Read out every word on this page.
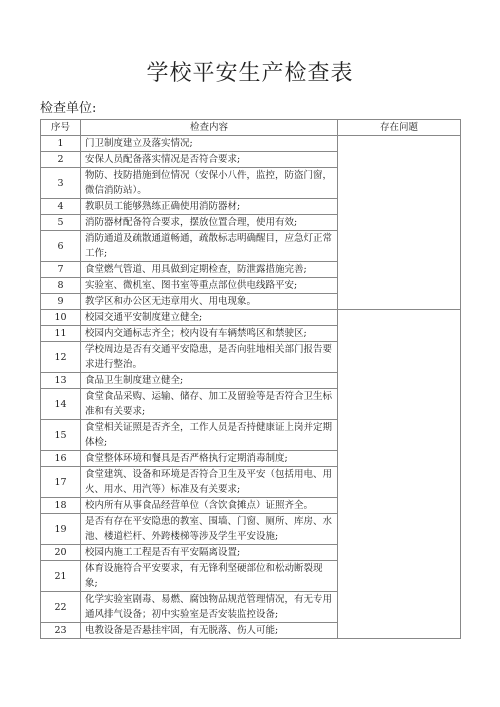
学校平安生产检查表
检查单位:
序号	检查内容	存在问题
1	门卫制度建立及落实情况;	
2	安保人员配备落实情况是否符合要求;	
3	物防、技防措施到位情况（安保小八件，监控，防盗门窗，微信消防站）。	
4	教职员工能够熟练正确使用消防器材;	
5	消防器材配备符合要求，摆放位置合理，使用有效;	
6	消防通道及疏散通道畅通，疏散标志明确醒目，应急灯正常工作;	
7	食堂燃气管道、用具做到定期检查，防泄露措施完善;	
8	实验室、微机室、图书室等重点部位供电线路平安;	
9	教学区和办公区无违章用火、用电现象。	
10	校园交通平安制度建立健全;	
11	校园内交通标志齐全；校内设有车辆禁鸣区和禁驶区;	
12	学校周边是否有交通平安隐患，是否向驻地相关部门报告要求进行整治。	
13	食品卫生制度建立健全;	
14	食堂食品采购、运输、储存、加工及留验等是否符合卫生标准和有关要求;	
15	食堂相关证照是否齐全，工作人员是否持健康证上岗并定期体检;	
16	食堂整体环境和餐具是否严格执行定期消毒制度;	
17	食堂建筑、设备和环境是否符合卫生及平安（包括用电、用火、用水、用汽等）标准及有关要求;	
18	校内所有从事食品经营单位（含饮食摊点）证照齐全。	
19	是否有存在平安隐患的教室、围墙、门窗、厕所、库房、水池、楼道栏杆、外跨楼梯等涉及学生平安设施;	
20	校园内施工工程是否有平安隔离设置;	
21	体育设施符合平安要求，有无锋利坚硬部位和松动断裂现象;	
22	化学实验室剧毒、易燃、腐蚀物品规范管理情况，有无专用通风排气设备；初中实验室是否安装监控设备;	
23	电教设备是否悬挂牢固，有无脱落、伤人可能;	
